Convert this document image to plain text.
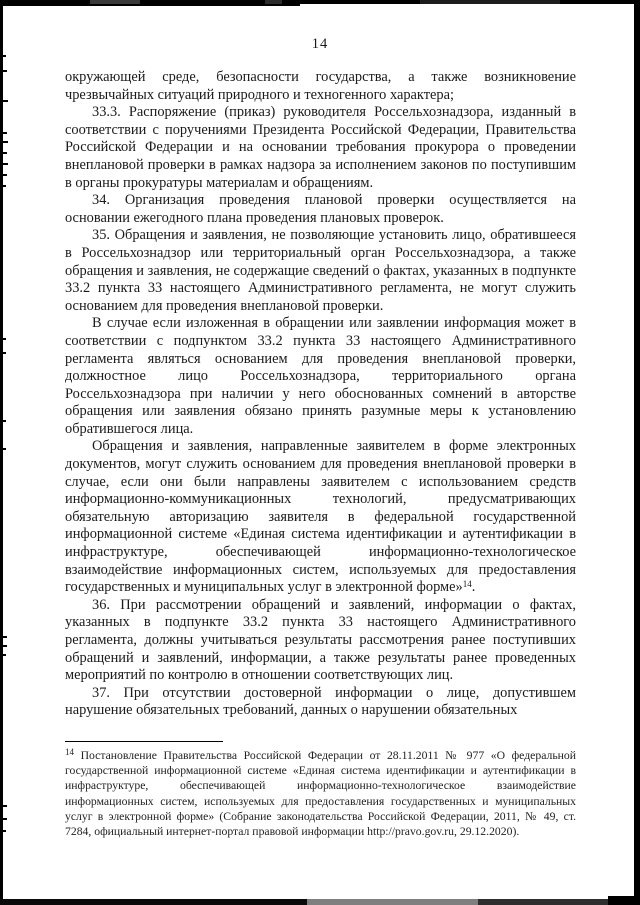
14

окружающей среде, безопасности государства, а также возникновение чрезвычайных ситуаций природного и техногенного характера;

33.3. Распоряжение (приказ) руководителя Россельхознадзора, изданный в соответствии с поручениями Президента Российской Федерации, Правительства Российской Федерации и на основании требования прокурора о проведении внеплановой проверки в рамках надзора за исполнением законов по поступившим в органы прокуратуры материалам и обращениям.

34. Организация проведения плановой проверки осуществляется на основании ежегодного плана проведения плановых проверок.

35. Обращения и заявления, не позволяющие установить лицо, обратившееся в Россельхознадзор или территориальный орган Россельхознадзора, а также обращения и заявления, не содержащие сведений о фактах, указанных в подпункте 33.2 пункта 33 настоящего Административного регламента, не могут служить основанием для проведения внеплановой проверки.

В случае если изложенная в обращении или заявлении информация может в соответствии с подпунктом 33.2 пункта 33 настоящего Административного регламента являться основанием для проведения внеплановой проверки, должностное лицо Россельхознадзора, территориального органа Россельхознадзора при наличии у него обоснованных сомнений в авторстве обращения или заявления обязано принять разумные меры к установлению обратившегося лица.

Обращения и заявления, направленные заявителем в форме электронных документов, могут служить основанием для проведения внеплановой проверки в случае, если они были направлены заявителем с использованием средств информационно-коммуникационных технологий, предусматривающих обязательную авторизацию заявителя в федеральной государственной информационной системе «Единая система идентификации и аутентификации в инфраструктуре, обеспечивающей информационно-технологическое взаимодействие информационных систем, используемых для предоставления государственных и муниципальных услуг в электронной форме»$^{14}$.

36. При рассмотрении обращений и заявлений, информации о фактах, указанных в подпункте 33.2 пункта 33 настоящего Административного регламента, должны учитываться результаты рассмотрения ранее поступивших обращений и заявлений, информации, а также результаты ранее проведенных мероприятий по контролю в отношении соответствующих лиц.

37. При отсутствии достоверной информации о лице, допустившем нарушение обязательных требований, данных о нарушении обязательных

$^{14}$ Постановление Правительства Российской Федерации от 28.11.2011 № 977 «О федеральной государственной информационной системе «Единая система идентификации и аутентификации в инфраструктуре, обеспечивающей информационно-технологическое взаимодействие информационных систем, используемых для предоставления государственных и муниципальных услуг в электронной форме» (Собрание законодательства Российской Федерации, 2011, № 49, ст. 7284, официальный интернет-портал правовой информации http://pravo.gov.ru, 29.12.2020).
